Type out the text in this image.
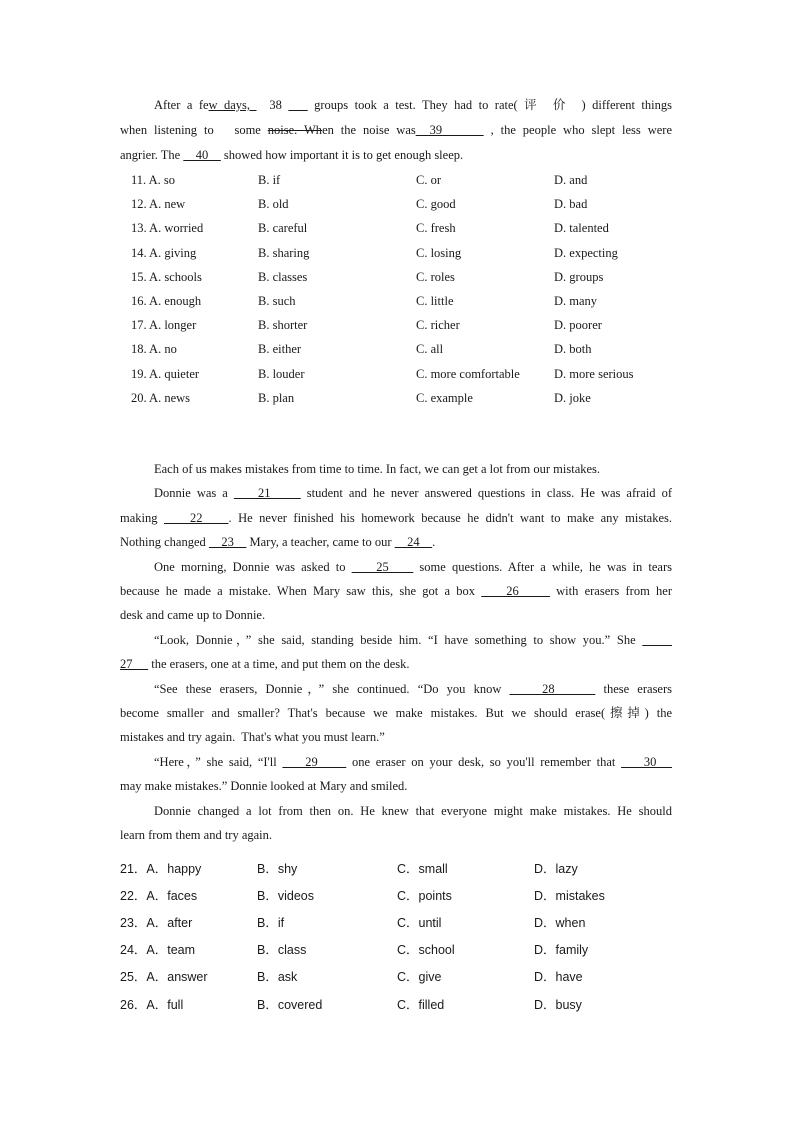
After a few days,   38     groups took a test. They had to rate( 评  价  ) different things
when listening to   some noise. When the noise was  39       , the people who slept less were
angrier. The     40     showed how important it is to get enough sleep.
11. A. so	B. if	C. or	D. and
12. A. new	B. old	C. good	D. bad
13. A. worried	B. careful	C. fresh	D. talented
14. A. giving	B. sharing	C. losing	D. expecting
15. A. schools	B. classes	C. roles	D. groups
16. A. enough	B. such	C. little	D. many
17. A. longer	B. shorter	C. richer	D. poorer
18. A. no	B. either	C. all	D. both
19. A. quieter	B. louder	C. more comfortable	D. more serious
20. A. news	B. plan	C. example	D. joke
Each of us makes mistakes from time to time. In fact, we can get a lot from our mistakes.
Donnie was a     21      student and he never answered questions in class. He was afraid of
making     22    . He never finished his homework because he didn't want to make any mistakes.
Nothing changed     23     Mary, a teacher, came to our     24    .
One morning, Donnie was asked to     25     some questions. After a while, he was in tears
because he made a mistake. When Mary saw this, she got a box     26      with erasers from her
desk and came up to Donnie.
“Look, Donnie，” she said, standing beside him. “I have something to show you.” She
27      the erasers, one at a time, and put them on the desk.
“See these erasers, Donnie，” she continued. “Do you know     28      these erasers
become smaller and smaller? That's because we make mistakes. But we should erase(擦掉) the
mistakes and try again.  That's what you must learn.”
“Here，” she said, “I'll     29      one eraser on your desk, so you'll remember that     30
may make mistakes.” Donnie looked at Mary and smiled.
Donnie changed a lot from then on. He knew that everyone might make mistakes. He should
learn from them and try again.
21．A．happy	B．shy	C．small	D．lazy
22．A．faces	B．videos	C．points	D．mistakes
23．A．after	B．if	C．until	D．when
24．A．team	B．class	C．school	D．family
25．A．answer	B．ask	C．give	D．have
26．A．full	B．covered	C．filled	D．busy
